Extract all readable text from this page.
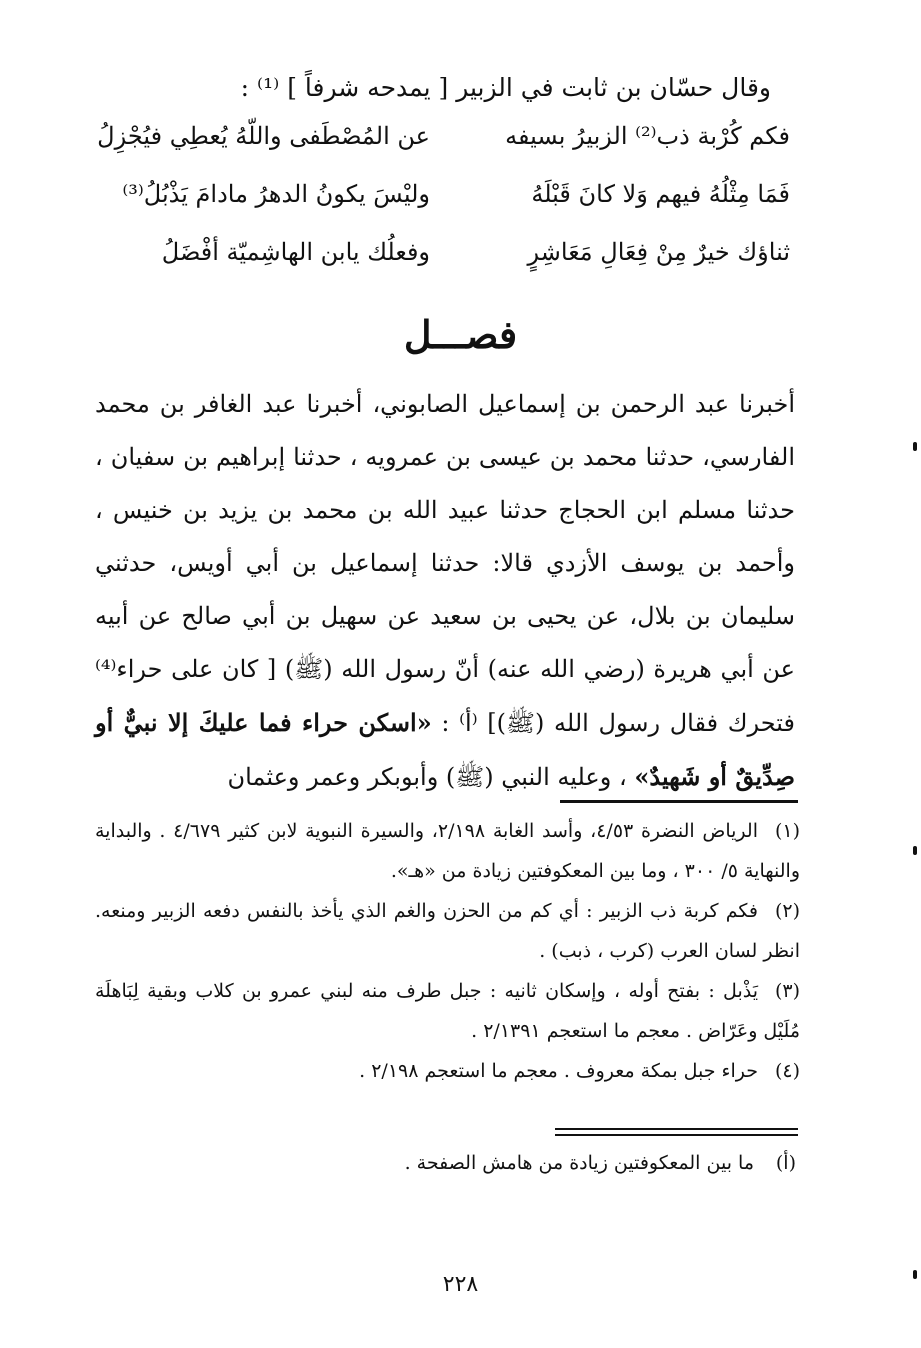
وقال حسّان بن ثابت في الزبير [ يمدحه شرفاً ] ⁽¹⁾ :
فكم كُرْبة ذب⁽²⁾ الزبيرُ بسيفه
عن المُصْطَفى واللّهُ يُعطِي فيُجْزِلُ
فَمَا مِثْلُهُ فيهم وَلا كانَ قَبْلَهُ
وليْسَ يكونُ الدهرُ مادامَ يَذْبُلُ⁽³⁾
ثناؤك خيرٌ مِنْ فِعَالِ مَعَاشِرٍ
وفعلُك يابن الهاشِميّة أفْضَلُ
فصـــل

أخبرنا عبد الرحمن بن إسماعيل الصابوني، أخبرنا عبد الغافر بن محمد الفارسي، حدثنا محمد بن عيسى بن عمرويه ، حدثنا إبراهيم بن سفيان ، حدثنا مسلم ابن الحجاج حدثنا عبيد الله بن محمد بن يزيد بن خنيس ، وأحمد بن يوسف الأزدي قالا: حدثنا إسماعيل بن أبي أويس، حدثني سليمان بن بلال، عن يحيى بن سعيد عن سهيل بن أبي صالح عن أبيه عن أبي هريرة (رضي الله عنه) أنّ رسول الله (ﷺ) [ كان على حراء⁽⁴⁾ فتحرك فقال رسول الله (ﷺ)] ⁽أ⁾ : «اسكن حراء فما عليكَ إلا نبيٌّ أو صِدِّيقٌ أو شَهيدٌ» ، وعليه النبي (ﷺ) وأبوبكر وعمر وعثمان

(١)الرياض النضرة ٤/٥٣، وأسد الغابة ٢/١٩٨، والسيرة النبوية لابن كثير ٤/٦٧٩ . والبداية والنهاية ٥/ ٣٠٠ ، وما بين المعكوفتين زيادة من «هـ».

(٢)فكم كربة ذب الزبير : أي كم من الحزن والغم الذي يأخذ بالنفس دفعه الزبير ومنعه. انظر لسان العرب (كرب ، ذبب) .

(٣)يَذْبل : بفتح أوله ، وإسكان ثانيه : جبل طرف منه لبني عمرو بن كلاب وبقية لِبَاهلَة مُلَيْل وعَرّاض . معجم ما استعجم ٢/١٣٩١ .

(٤)حراء جبل بمكة معروف . معجم ما استعجم ٢/١٩٨ .

(أ)ما بين المعكوفتين زيادة من هامش الصفحة .
٢٢٨
